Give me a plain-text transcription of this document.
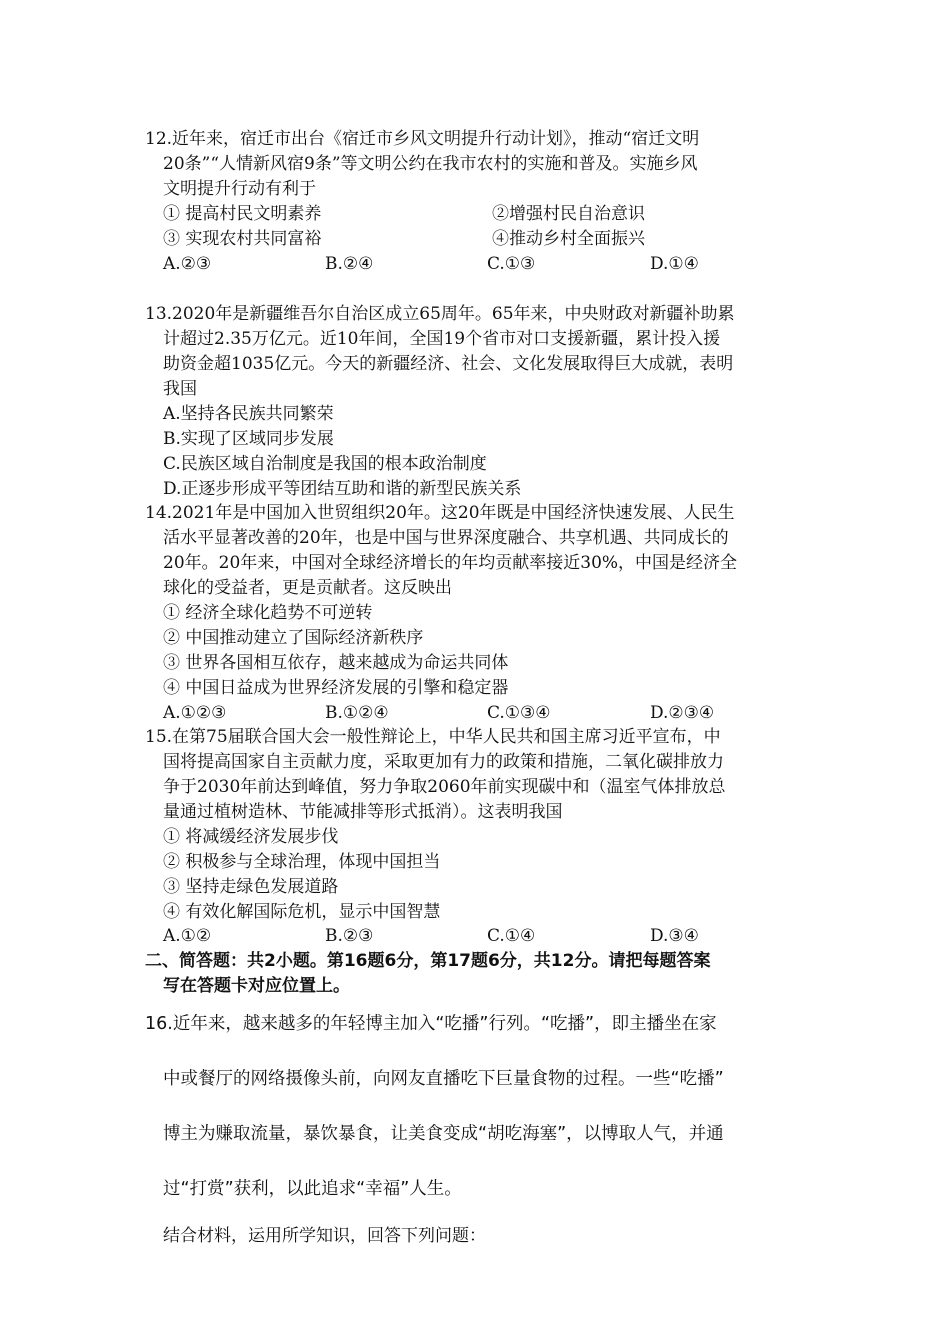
12.近年来，宿迁市出台《宿迁市乡风文明提升行动计划》，推动“宿迁文明
20条”“人情新风宿9条”等文明公约在我市农村的实施和普及。实施乡风
文明提升行动有利于
① 提高村民文明素养	②增强村民自治意识
③ 实现农村共同富裕	④推动乡村全面振兴
A.②③	B.②④	C.①③	D.①④
13.2020年是新疆维吾尔自治区成立65周年。65年来，中央财政对新疆补助累
计超过2.35万亿元。近10年间，全国19个省市对口支援新疆，累计投入援
助资金超1035亿元。今天的新疆经济、社会、文化发展取得巨大成就，表明
我国
A.坚持各民族共同繁荣
B.实现了区域同步发展
C.民族区域自治制度是我国的根本政治制度
D.正逐步形成平等团结互助和谐的新型民族关系
14.2021年是中国加入世贸组织20年。这20年既是中国经济快速发展、人民生
活水平显著改善的20年，也是中国与世界深度融合、共享机遇、共同成长的
20年。20年来，中国对全球经济增长的年均贡献率接近30%，中国是经济全
球化的受益者，更是贡献者。这反映出
① 经济全球化趋势不可逆转
② 中国推动建立了国际经济新秩序
③ 世界各国相互依存，越来越成为命运共同体
④ 中国日益成为世界经济发展的引擎和稳定器
A.①②③	B.①②④	C.①③④	D.②③④
15.在第75届联合国大会一般性辩论上，中华人民共和国主席习近平宣布，中
国将提高国家自主贡献力度，采取更加有力的政策和措施，二氧化碳排放力
争于2030年前达到峰值，努力争取2060年前实现碳中和（温室气体排放总
量通过植树造林、节能减排等形式抵消）。这表明我国
① 将减缓经济发展步伐
② 积极参与全球治理，体现中国担当
③ 坚持走绿色发展道路
④ 有效化解国际危机，显示中国智慧
A.①②	B.②③	C.①④	D.③④
二、简答题：共2小题。第16题6分，第17题6分，共12分。请把每题答案
写在答题卡对应位置上。
16.近年来，越来越多的年轻博主加入“吃播”行列。“吃播”，即主播坐在家
中或餐厅的网络摄像头前，向网友直播吃下巨量食物的过程。一些“吃播”
博主为赚取流量，暴饮暴食，让美食变成“胡吃海塞”，以博取人气，并通
过“打赏”获利，以此追求“幸福”人生。
结合材料，运用所学知识，回答下列问题：
